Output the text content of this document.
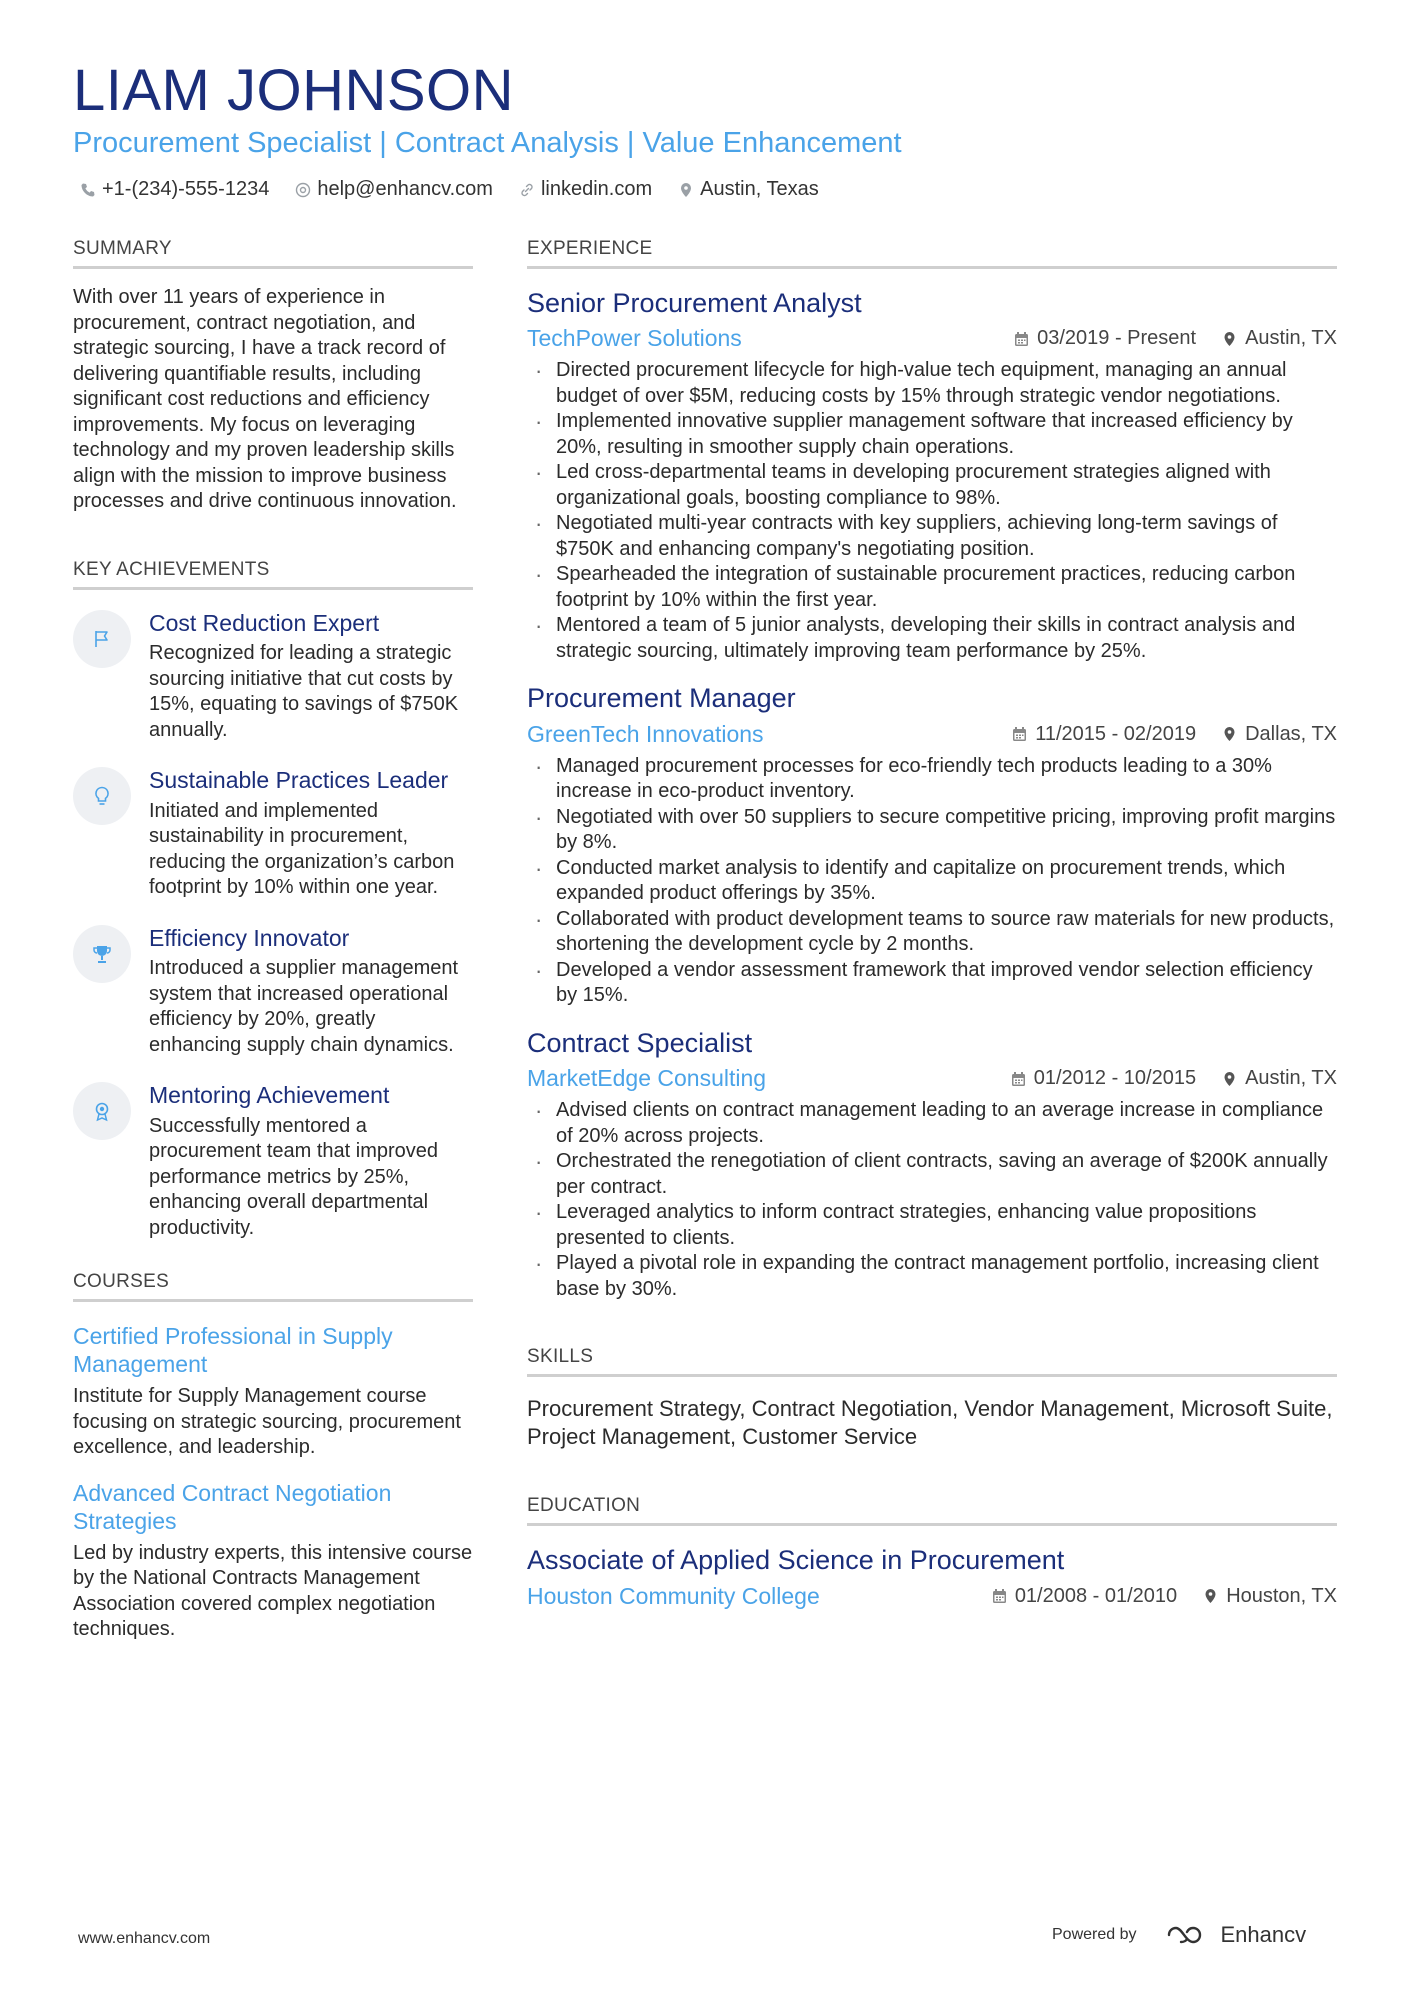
LIAM JOHNSON
Procurement Specialist | Contract Analysis | Value Enhancement
+1-(234)-555-1234 help@enhancv.com linkedin.com Austin, Texas
SUMMARY
With over 11 years of experience in procurement, contract negotiation, and strategic sourcing, I have a track record of delivering quantifiable results, including significant cost reductions and efficiency improvements. My focus on leveraging technology and my proven leadership skills align with the mission to improve business processes and drive continuous innovation.
KEY ACHIEVEMENTS
Cost Reduction Expert
Recognized for leading a strategic sourcing initiative that cut costs by 15%, equating to savings of $750K annually.
Sustainable Practices Leader
Initiated and implemented sustainability in procurement, reducing the organization’s carbon footprint by 10% within one year.
Efficiency Innovator
Introduced a supplier management system that increased operational efficiency by 20%, greatly enhancing supply chain dynamics.
Mentoring Achievement
Successfully mentored a procurement team that improved performance metrics by 25%, enhancing overall departmental productivity.
COURSES
Certified Professional in Supply Management
Institute for Supply Management course focusing on strategic sourcing, procurement excellence, and leadership.
Advanced Contract Negotiation Strategies
Led by industry experts, this intensive course by the National Contracts Management Association covered complex negotiation techniques.
EXPERIENCE
Senior Procurement Analyst
TechPower Solutions	03/2019 - Present Austin, TX
· Directed procurement lifecycle for high-value tech equipment, managing an annual budget of over $5M, reducing costs by 15% through strategic vendor negotiations.
· Implemented innovative supplier management software that increased efficiency by 20%, resulting in smoother supply chain operations.
· Led cross-departmental teams in developing procurement strategies aligned with organizational goals, boosting compliance to 98%.
· Negotiated multi-year contracts with key suppliers, achieving long-term savings of $750K and enhancing company's negotiating position.
· Spearheaded the integration of sustainable procurement practices, reducing carbon footprint by 10% within the first year.
· Mentored a team of 5 junior analysts, developing their skills in contract analysis and strategic sourcing, ultimately improving team performance by 25%.
Procurement Manager
GreenTech Innovations	11/2015 - 02/2019 Dallas, TX
· Managed procurement processes for eco-friendly tech products leading to a 30% increase in eco-product inventory.
· Negotiated with over 50 suppliers to secure competitive pricing, improving profit margins by 8%.
· Conducted market analysis to identify and capitalize on procurement trends, which expanded product offerings by 35%.
· Collaborated with product development teams to source raw materials for new products, shortening the development cycle by 2 months.
· Developed a vendor assessment framework that improved vendor selection efficiency by 15%.
Contract Specialist
MarketEdge Consulting	01/2012 - 10/2015 Austin, TX
· Advised clients on contract management leading to an average increase in compliance of 20% across projects.
· Orchestrated the renegotiation of client contracts, saving an average of $200K annually per contract.
· Leveraged analytics to inform contract strategies, enhancing value propositions presented to clients.
· Played a pivotal role in expanding the contract management portfolio, increasing client base by 30%.
SKILLS
Procurement Strategy, Contract Negotiation, Vendor Management, Microsoft Suite, Project Management, Customer Service
EDUCATION
Associate of Applied Science in Procurement
Houston Community College	01/2008 - 01/2010 Houston, TX
www.enhancv.com	Powered by	Enhancv
